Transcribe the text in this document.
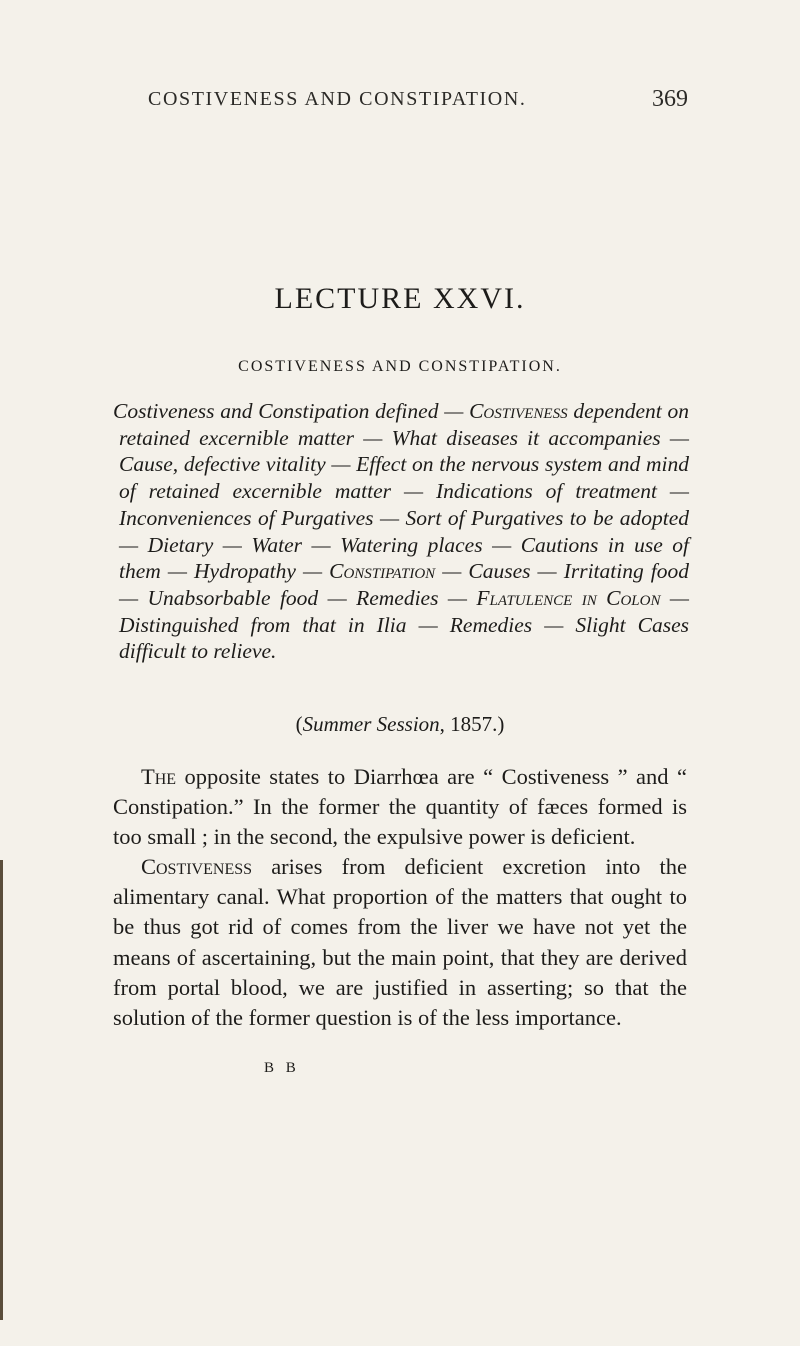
COSTIVENESS AND CONSTIPATION.	369
LECTURE XXVI.
COSTIVENESS AND CONSTIPATION.
Costiveness and Constipation defined — Costiveness dependent on retained excernible matter — What diseases it accompanies — Cause, defective vitality — Effect on the nervous system and mind of retained excernible matter — Indications of treatment — Inconveniences of Purgatives — Sort of Purgatives to be adopted — Dietary — Water — Watering places — Cautions in use of them — Hydropathy — Constipation — Causes — Irritating food — Unabsorbable food — Remedies — Flatulence in Colon — Distinguished from that in Ilia — Remedies — Slight Cases difficult to relieve.
(Summer Session, 1857.)

The opposite states to Diarrhœa are “ Costiveness ” and “ Constipation.” In the former the quantity of fæces formed is too small ; in the second, the expulsive power is deficient.

Costiveness arises from deficient excretion into the alimentary canal. What proportion of the matters that ought to be thus got rid of comes from the liver we have not yet the means of ascertaining, but the main point, that they are derived from portal blood, we are justified in asserting; so that the solution of the former question is of the less importance.

B B
